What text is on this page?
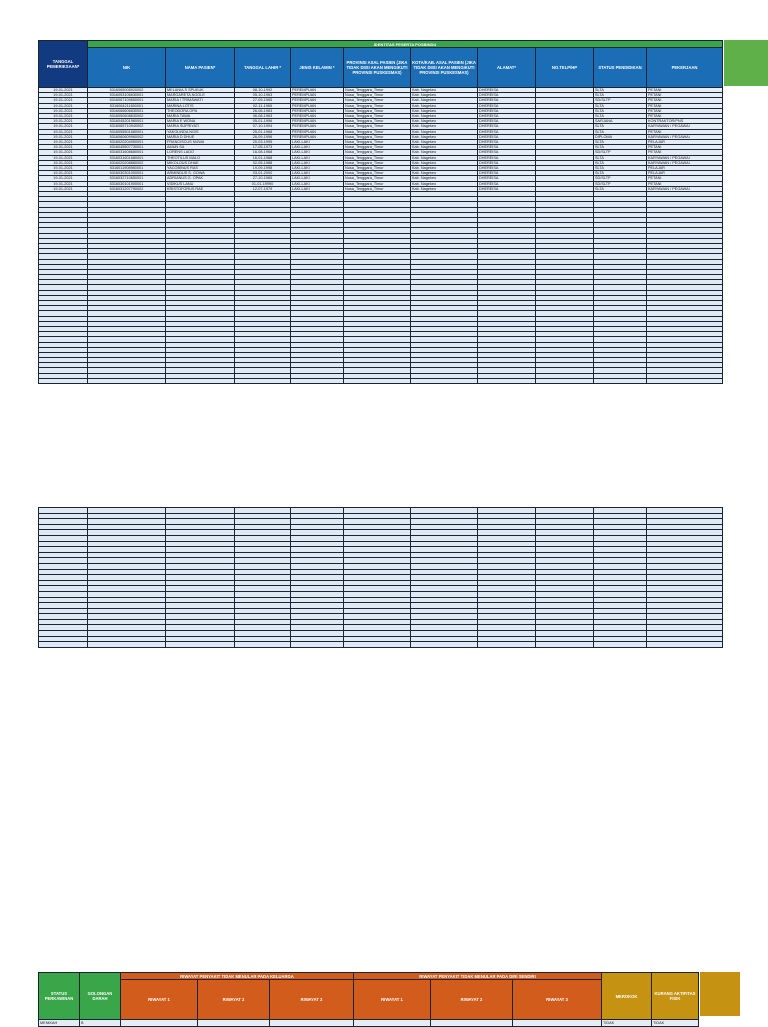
TANGGAL PEMERIKSAAN*	IDENTITAS PESERTA POSBINDU									
	NIK	NAMA PASIEN*	TANGGAL LAHIR *	JENIS KELAMIN *	PROVINSI ASAL PASIEN (JIKA TIDAK DIISI AKAN MENGIKUTI PROVINSI PUSKESMAS)	KOTA/KAB. ASAL PASIEN (JIKA TIDAK DIISI AKAN MENGIKUTI PROVINSI PUSKESMAS)	ALAMAT*	NO.TELP/HP	STATUS PENDIDIKAN	PEKERJAAN
19-01-2021	5316065008920002	MELANIA S SPUKUK	08-10-1992	PEREMPUAN	Nusa_Tenggara_Timur	Kab. Nagekeo	DHEREISA		SLTA	PETANI
19-01-2021	5316053106630001	MARGARETA NGOLE	05-10-1963	PEREMPUAN	Nusa_Tenggara_Timur	Kab. Nagekeo	DHEREISA		SLTA	PETANI
19-01-2021	5316067109650001	MARIA I TRIMAWATI	27-09-1965	PEREMPUAN	Nusa_Tenggara_Timur	Kab. Nagekeo	DHEREISA		SD/SLTP	PETANI
19-01-2021	5316064211650001	MARINA LOTIS	02-11-1965	PEREMPUAN	Nusa_Tenggara_Timur	Kab. Nagekeo	DHEREISA		SLTA	PETANI
19-01-2021	5316066606630001	THEODORA OPA	26-06-1963	PEREMPUAN	Nusa_Tenggara_Timur	Kab. Nagekeo	DHEREISA		SLTA	PETANI
19-01-2021	5316050608630002	MARIA TAWA	06-08-1963	PEREMPUAN	Nusa_Tenggara_Timur	Kab. Nagekeo	DHEREISA		SLTA	PETANI
19-01-2021	5316045201960001	MARIA E WONA	05-01-1996	PEREMPUAN	Nusa_Tenggara_Timur	Kab. Nagekeo	DHEREISA		SARJANA	KONTRAKTOR/PNS
19-01-2021	5316065710940002	MARIA SUFRIYATI	07-10-1994	PEREMPUAN	Nusa_Tenggara_Timur	Kab. Nagekeo	DHEREISA		SLTA	KARYAWAN / PEGAWAI
19-01-2021	5316055501680001	YAKOLINDA NGIS	25-01-1968	PEREMPUAN	Nusa_Tenggara_Timur	Kab. Nagekeo	DHEREISA		SLTA	PETANI
19-01-2021	5316060609960002	MARIA D DHUE	26-09-1996	PEREMPUAN	Nusa_Tenggara_Timur	Kab. Nagekeo	DHEREISA		DIPLOMA	KARYAWAN / PEGAWAI
19-01-2021	5316020204950001	FRANCISCUS NUWA	20-03-1995	LAKI-LAKI	Nusa_Tenggara_Timur	Kab. Nagekeo	DHEREISA		SLTA	PELAJAR
19-01-2021	5316045507730001	AMUN SA	17-05-1973	LAKI-LAKI	Nusa_Tenggara_Timur	Kab. Nagekeo	DHEREISA		SLTA	PETANI
19-01-2021	5316031608680001	LORENS LADO	16-08-1968	LAKI-LAKI	Nusa_Tenggara_Timur	Kab. Nagekeo	DHEREISA		SD/SLTP	PETANI
19-01-2021	5316031601680001	THEOTILUS MALO	16-01-1968	LAKI-LAKI	Nusa_Tenggara_Timur	Kab. Nagekeo	DHEREISA		SLTA	KARYAWAN / PEGAWAI
19-01-2021	5316020208880002	MIKOLOUS DHAE	02-05-1988	LAKI-LAKI	Nusa_Tenggara_Timur	Kab. Nagekeo	DHEREISA		SLTA	KARYAWAN / PEGAWAI
19-01-2021	5316011908980001	YACOBINUS RAS	19-09-1998	LAKI-LAKI	Nusa_Tenggara_Timur	Kab. Nagekeo	DHEREISA		SLTA	PELAJAR
19-01-2021	5316030301000001	ARMINDUS S. GOWA	03-01-2000	LAKI-LAKI	Nusa_Tenggara_Timur	Kab. Nagekeo	DHEREISA		SLTA	PELAJAR
19-01-2021	5316032710650001	ADRIANUS G. OPAK	27-10-1965	LAKI-LAKI	Nusa_Tenggara_Timur	Kab. Nagekeo	DHEREISA		SD/SLTP	PETANI
19-01-2021	5316030101900001	VIDIKUS LANU	01-01-19990	LAKI-LAKI	Nusa_Tenggara_Timur	Kab. Nagekeo	DHEREISA		SD/SLTP	PETANI
19-01-2021	5316031207790002	KRISTOFORUS RAE	12-07-1979	LAKI-LAKI	Nusa_Tenggara_Timur	Kab. Nagekeo	DHEREISA		SLTA	KARYAWAN / PEGAWAI

STATUS PERKAWINAN	GOLONGAN DARAH	RIWAYAT PENYAKIT TIDAK MENULAR PADA KELUARGA			RIWAYAT PENYAKIT TIDAK MENULAR PADA DIRI SENDIRI			MEROKOK	KURANG AKTIFITAS FISIK
		RIWAYAT 1	RIWAYAT 2	RIWAYAT 3	RIWAYAT 1	RIWAYAT 2	RIWAYAT 3		
MENIKAH	B							TIDAK	TIDAK
